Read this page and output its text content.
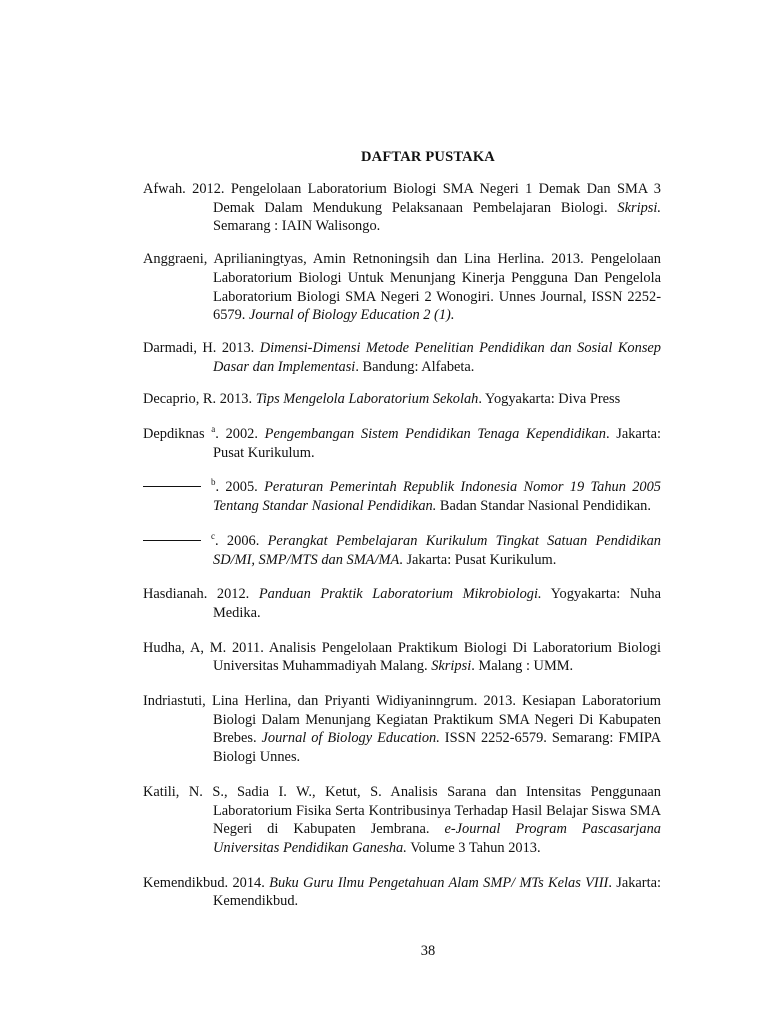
DAFTAR PUSTAKA

Afwah. 2012. Pengelolaan Laboratorium Biologi SMA Negeri 1 Demak Dan SMA 3 Demak Dalam Mendukung Pelaksanaan Pembelajaran Biologi. Skripsi. Semarang : IAIN Walisongo.

Anggraeni, Aprilianingtyas, Amin Retnoningsih dan Lina Herlina. 2013. Pengelolaan Laboratorium Biologi Untuk Menunjang Kinerja Pengguna Dan Pengelola Laboratorium Biologi SMA Negeri 2 Wonogiri. Unnes Journal, ISSN 2252-6579. Journal of Biology Education 2 (1).

Darmadi, H. 2013. Dimensi-Dimensi Metode Penelitian Pendidikan dan Sosial Konsep Dasar dan Implementasi. Bandung: Alfabeta.

Decaprio, R. 2013. Tips Mengelola Laboratorium Sekolah. Yogyakarta: Diva Press

Depdiknas $^a$. 2002. Pengembangan Sistem Pendidikan Tenaga Kependidikan. Jakarta: Pusat Kurikulum.

$^b$. 2005. Peraturan Pemerintah Republik Indonesia Nomor 19 Tahun 2005 Tentang Standar Nasional Pendidikan. Badan Standar Nasional Pendidikan.

$^c$. 2006. Perangkat Pembelajaran Kurikulum Tingkat Satuan Pendidikan SD/MI, SMP/MTS dan SMA/MA. Jakarta: Pusat Kurikulum.

Hasdianah. 2012. Panduan Praktik Laboratorium Mikrobiologi. Yogyakarta: Nuha Medika.

Hudha, A, M. 2011. Analisis Pengelolaan Praktikum Biologi Di Laboratorium Biologi Universitas Muhammadiyah Malang. Skripsi. Malang : UMM.

Indriastuti, Lina Herlina, dan Priyanti Widiyaninngrum. 2013. Kesiapan Laboratorium Biologi Dalam Menunjang Kegiatan Praktikum SMA Negeri Di Kabupaten Brebes. Journal of Biology Education. ISSN 2252-6579. Semarang: FMIPA Biologi Unnes.

Katili, N. S., Sadia I. W., Ketut, S. Analisis Sarana dan Intensitas Penggunaan Laboratorium Fisika Serta Kontribusinya Terhadap Hasil Belajar Siswa SMA Negeri di Kabupaten Jembrana. e-Journal Program Pascasarjana Universitas Pendidikan Ganesha. Volume 3 Tahun 2013.

Kemendikbud. 2014. Buku Guru Ilmu Pengetahuan Alam SMP/ MTs Kelas VIII. Jakarta: Kemendikbud.

38
